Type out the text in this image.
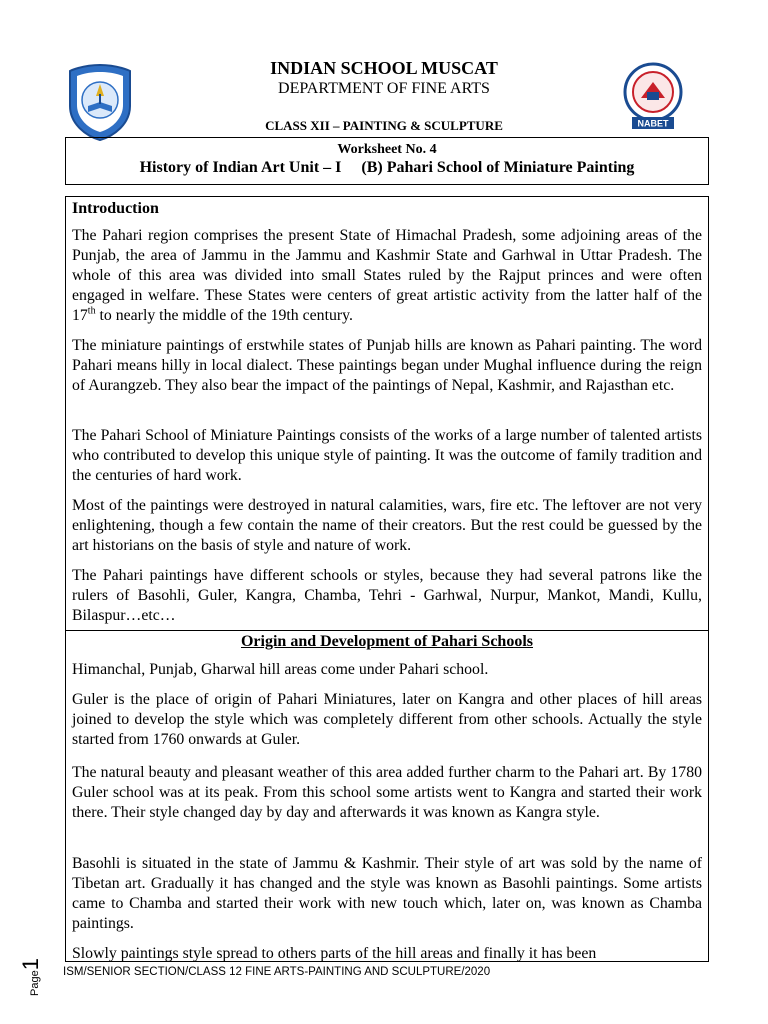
NABET
INDIAN SCHOOL MUSCAT
DEPARTMENT OF FINE ARTS
CLASS XII – PAINTING & SCULPTURE
Worksheet No. 4
History of Indian Art Unit – I     (B) Pahari School of Miniature Painting
Introduction

The Pahari region comprises the present State of Himachal Pradesh, some adjoining areas of the Punjab, the area of Jammu in the Jammu and Kashmir State and Garhwal in Uttar Pradesh. The whole of this area was divided into small States ruled by the Rajput princes and were often engaged in welfare. These States were centers of great artistic activity from the latter half of the 17th to nearly the middle of the 19th century.

The miniature paintings of erstwhile states of Punjab hills are known as Pahari painting. The word Pahari means hilly in local dialect. These paintings began under Mughal influence during the reign of Aurangzeb. They also bear the impact of the paintings of Nepal, Kashmir, and Rajasthan etc.

The Pahari School of Miniature Paintings consists of the works of a large number of talented artists who contributed to develop this unique style of painting. It was the outcome of family tradition and the centuries of hard work.

Most of the paintings were destroyed in natural calamities, wars, fire etc. The leftover are not very enlightening, though a few contain the name of their creators. But the rest could be guessed by the art historians on the basis of style and nature of work.

The Pahari paintings have different schools or styles, because they had several patrons like the rulers of Basohli, Guler, Kangra, Chamba, Tehri - Garhwal, Nurpur, Mankot, Mandi, Kullu, Bilaspur…etc…

Origin and Development of Pahari Schools

Himanchal, Punjab, Gharwal hill areas come under Pahari school.

Guler is the place of origin of Pahari Miniatures, later on Kangra and other places of hill areas joined to develop the style which was completely different from other schools. Actually the style started from 1760 onwards at Guler.

The natural beauty and pleasant weather of this area added further charm to the Pahari art. By 1780 Guler school was at its peak. From this school some artists went to Kangra and started their work there. Their style changed day by day and afterwards it was known as Kangra style.

Basohli is situated in the state of Jammu & Kashmir. Their style of art was sold by the name of Tibetan art. Gradually it has changed and the style was known as Basohli paintings. Some artists came to Chamba and started their work with new touch which, later on, was known as Chamba paintings.

Slowly paintings style spread to others parts of the hill areas and finally it has been

Page1
ISM/SENIOR SECTION/CLASS 12 FINE ARTS-PAINTING AND SCULPTURE/2020
